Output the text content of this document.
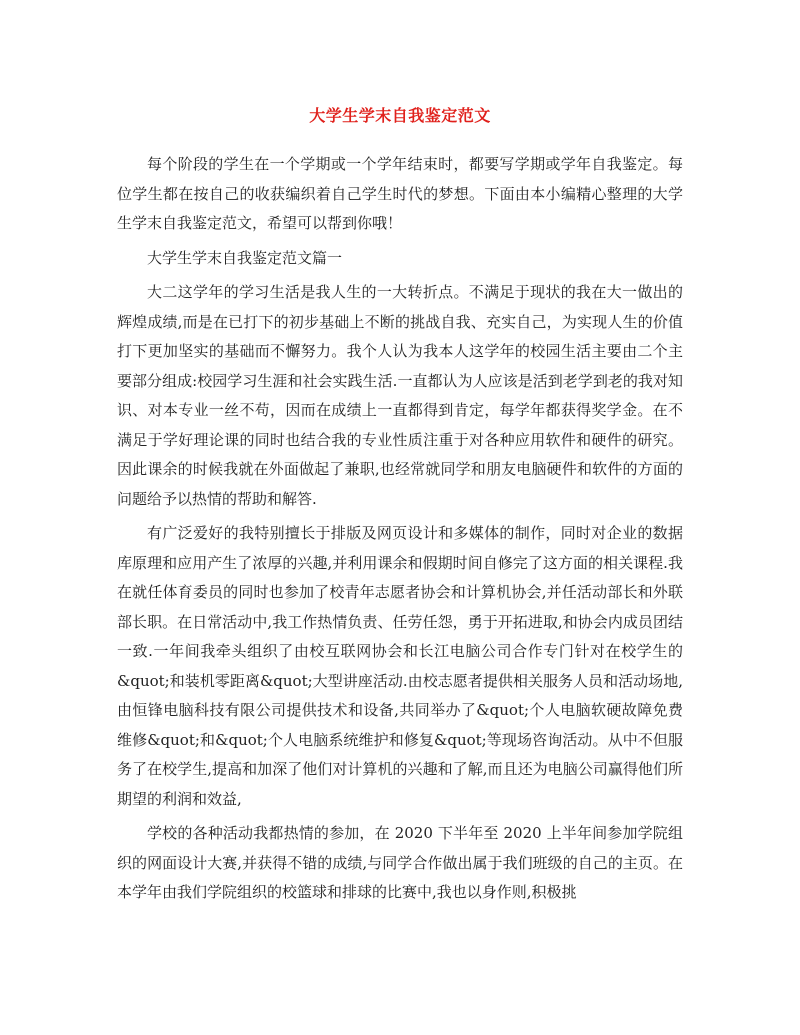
大学生学末自我鉴定范文

每个阶段的学生在一个学期或一个学年结束时，都要写学期或学年自我鉴定。每位学生都在按自己的收获编织着自己学生时代的梦想。下面由本小编精心整理的大学生学末自我鉴定范文，希望可以帮到你哦！

大学生学末自我鉴定范文篇一

大二这学年的学习生活是我人生的一大转折点。不满足于现状的我在大一做出的辉煌成绩,而是在已打下的初步基础上不断的挑战自我、充实自己，为实现人生的价值打下更加坚实的基础而不懈努力。我个人认为我本人这学年的校园生活主要由二个主要部分组成:校园学习生涯和社会实践生活.一直都认为人应该是活到老学到老的我对知识、对本专业一丝不苟，因而在成绩上一直都得到肯定，每学年都获得奖学金。在不满足于学好理论课的同时也结合我的专业性质注重于对各种应用软件和硬件的研究。因此课余的时候我就在外面做起了兼职,也经常就同学和朋友电脑硬件和软件的方面的问题给予以热情的帮助和解答.

有广泛爱好的我特别擅长于排版及网页设计和多媒体的制作，同时对企业的数据库原理和应用产生了浓厚的兴趣,并利用课余和假期时间自修完了这方面的相关课程.我在就任体育委员的同时也参加了校青年志愿者协会和计算机协会,并任活动部长和外联部长职。在日常活动中,我工作热情负责、任劳任怨，勇于开拓进取,和协会内成员团结一致.一年间我牵头组织了由校互联网协会和长江电脑公司合作专门针对在校学生的&quot;和装机零距离&quot;大型讲座活动.由校志愿者提供相关服务人员和活动场地,由恒锋电脑科技有限公司提供技术和设备,共同举办了&quot;个人电脑软硬故障免费维修&quot;和&quot;个人电脑系统维护和修复&quot;等现场咨询活动。从中不但服务了在校学生,提高和加深了他们对计算机的兴趣和了解,而且还为电脑公司赢得他们所期望的利润和效益,

学校的各种活动我都热情的参加，在 2020 下半年至 2020 上半年间参加学院组织的网面设计大赛,并获得不错的成绩,与同学合作做出属于我们班级的自己的主页。在本学年由我们学院组织的校篮球和排球的比赛中,我也以身作则,积极挑
